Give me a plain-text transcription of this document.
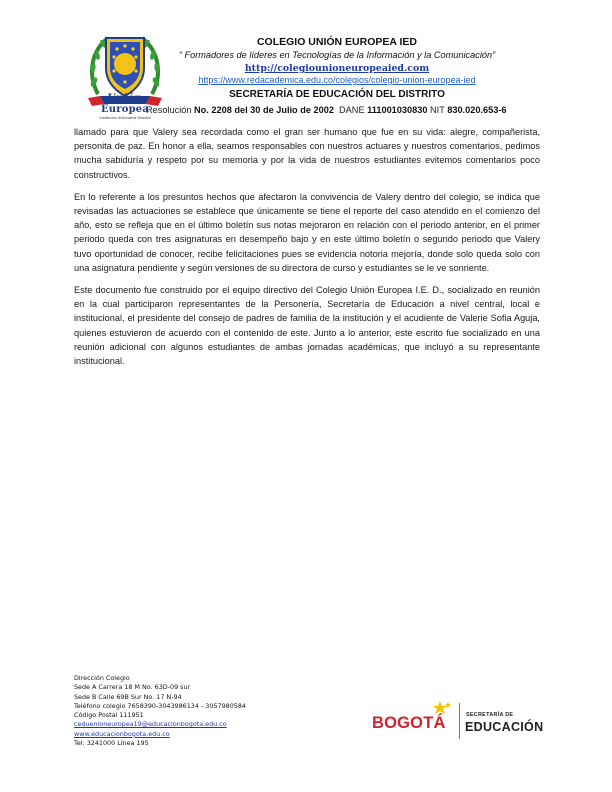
Unión Europea
Institución Educativa Distrital
COLEGIO UNIÓN EUROPEA IED
“ Formadores de líderes en Tecnologías de la Información y la Comunicación”
http://colegiounioneuropeaied.com
https://www.redacademica.edu.co/colegios/colegio-union-europea-ied
SECRETARÍA DE EDUCACIÓN DEL DISTRITO
Resolución No. 2208 del 30 de Julio de 2002 DANE 111001030830 NIT 830.020.653-6

llamado para que Valery sea recordada como el gran ser humano que fue en su vida: alegre, compañerista, personita de paz. En honor a ella, seamos responsables con nuestros actuares y nuestros comentarios, pedimos mucha sabiduría y respeto por su memoria y por la vida de nuestros estudiantes evitemos comentarios poco constructivos.

En lo referente a los presuntos hechos que afectaron la convivencia de Valery dentro del colegio, se indica que revisadas las actuaciones se establece que únicamente se tiene el reporte del caso atendido en el comienzo del año, esto se refleja que en el último boletín sus notas mejoraron en relación con el periodo anterior, en el primer periodo queda con tres asignaturas en desempeño bajo y en este último boletín o segundo periodo que Valery tuvo oportunidad de conocer, recibe felicitaciones pues se evidencia notoria mejoría, donde solo queda solo con una asignatura pendiente y según versiones de su directora de curso y estudiantes se le ve sonriente.

Este documento fue construido por el equipo directivo del Colegio Unión Europea I.E. D., socializado en reunión en la cual participaron representantes de la Personería, Secretaría de Educación a nivel central, local e institucional, el presidente del consejo de padres de familia de la institución y el acudiente de Valerie Sofia Aguja, quienes estuvieron de acuerdo con el contenido de este. Junto a lo anterior, este escrito fue socializado en una reunión adicional con algunos estudiantes de ambas jornadas académicas, que incluyó a su representante institucional.

Dirección Colegio
Sede A Carrera 18 M No. 63D-09 sur
Sede B Calle 69B Sur No. 17 N-94
Teléfono colegio 7658390-3043986134 - 3057980584
Código Postal 111951
ceduenioneuropea19@educacionbogota.edu.co
www.educacionbogota.edu.co
Tel: 3241000 Línea 195
BOGOTÁ	SECRETARÍA DE
EDUCACIÓN
